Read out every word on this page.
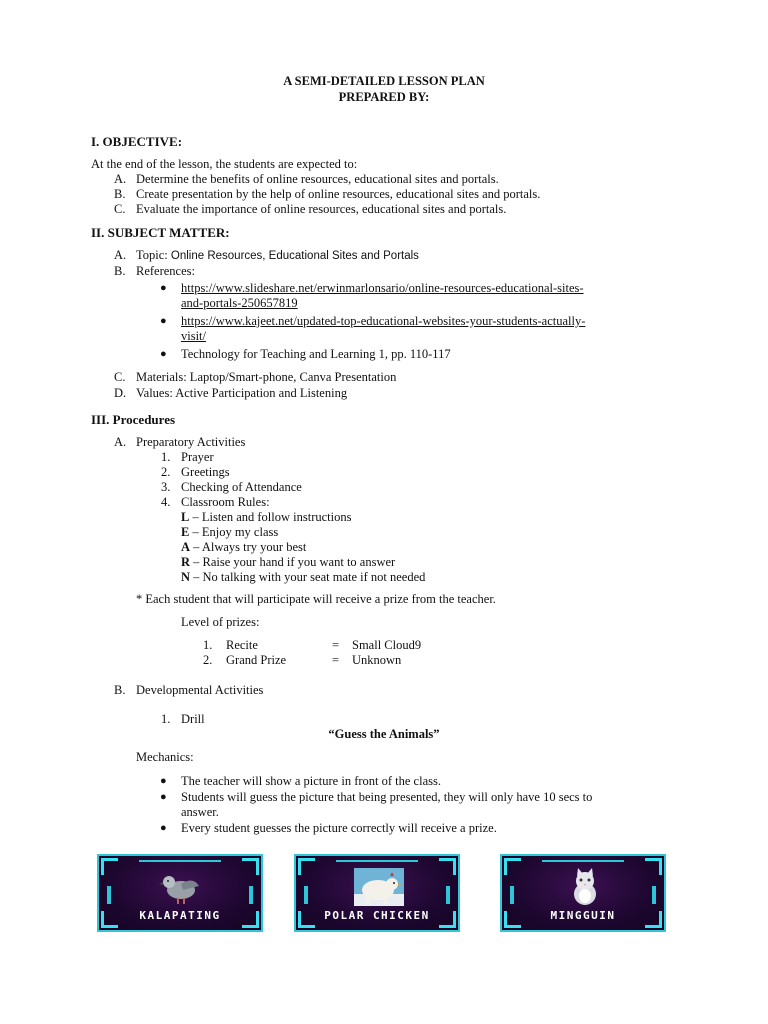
A SEMI-DETAILED LESSON PLAN
PREPARED BY:
I. OBJECTIVE:
At the end of the lesson, the students are expected to:
A. Determine the benefits of online resources, educational sites and portals.
B. Create presentation by the help of online resources, educational sites and portals.
C. Evaluate the importance of online resources, educational sites and portals.
II. SUBJECT MATTER:
A. Topic: Online Resources, Educational Sites and Portals
B. References:
● https://www.slideshare.net/erwinmarlonsario/online-resources-educational-sites-
and-portals-250657819
● https://www.kajeet.net/updated-top-educational-websites-your-students-actually-
visit/
● Technology for Teaching and Learning 1, pp. 110-117
C. Materials: Laptop/Smart-phone, Canva Presentation
D. Values: Active Participation and Listening
III. Procedures
A. Preparatory Activities
1. Prayer
2. Greetings
3. Checking of Attendance
4. Classroom Rules:
L – Listen and follow instructions
E – Enjoy my class
A – Always try your best
R – Raise your hand if you want to answer
N – No talking with your seat mate if not needed
* Each student that will participate will receive a prize from the teacher.
Level of prizes:
1. Recite	= Small Cloud9
2. Grand Prize	= Unknown
B. Developmental Activities
1. Drill
“Guess the Animals”
Mechanics:
● The teacher will show a picture in front of the class.
● Students will guess the picture that being presented, they will only have 10 secs to
answer.
● Every student guesses the picture correctly will receive a prize.
KALAPATING	POLAR CHICKEN	MINGGUIN
